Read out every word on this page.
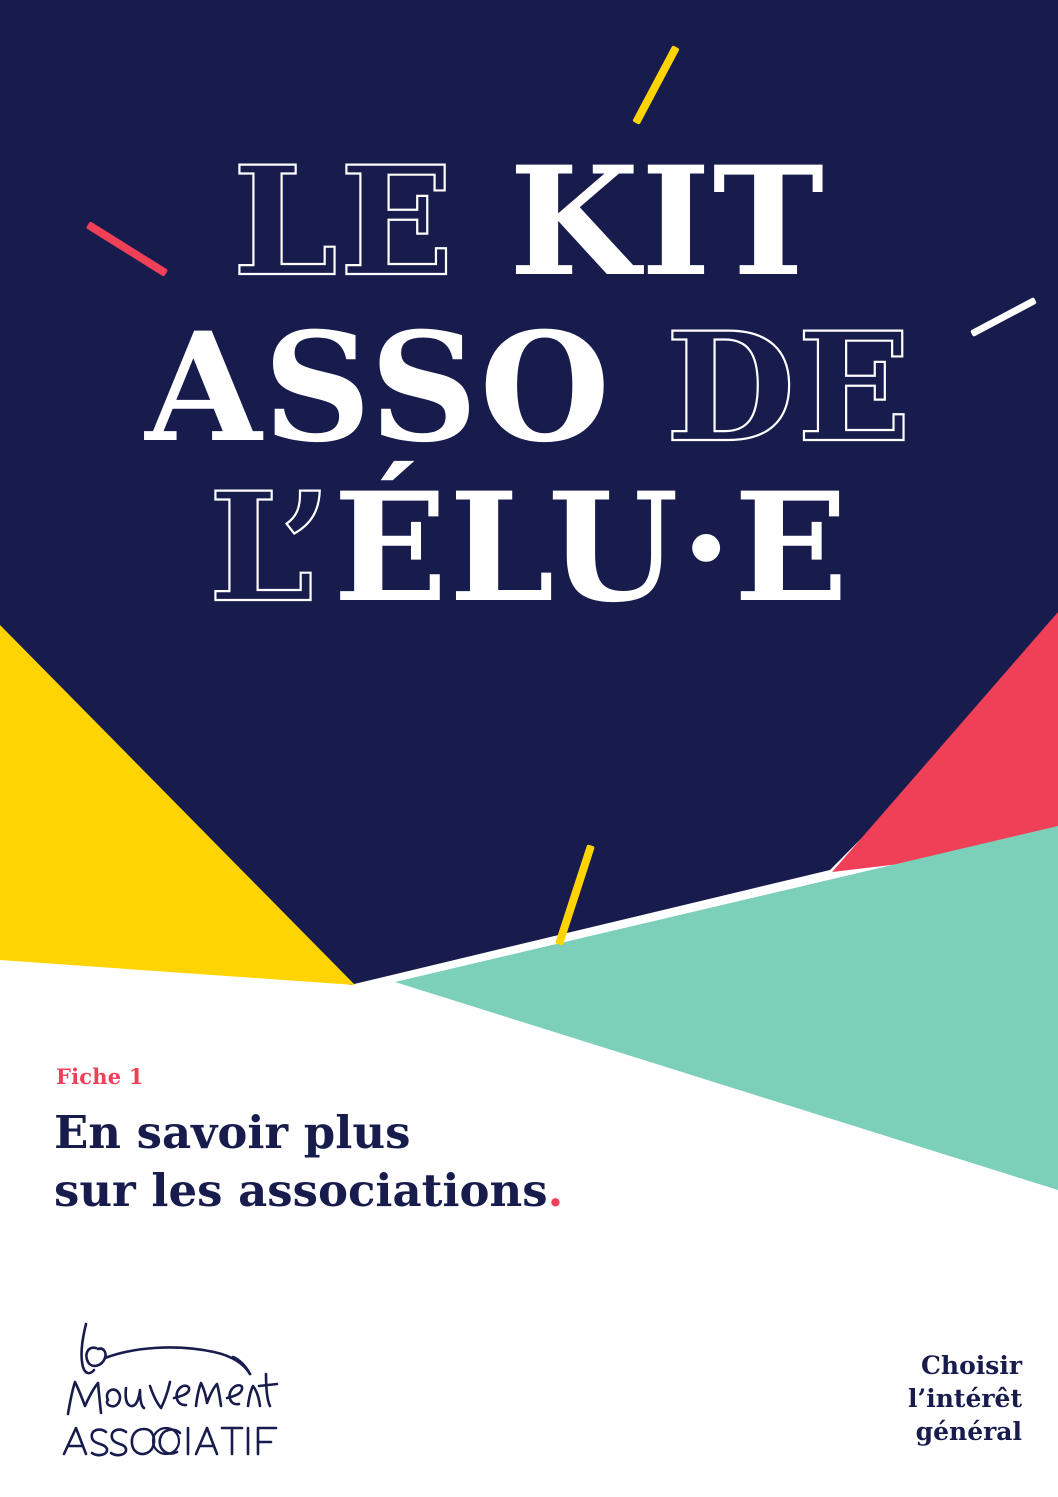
LE KIT
ASSO DE
L’ÉLU·E
Fiche 1
En savoir plus
sur les associations.
Choisir
l’intérêt
général
